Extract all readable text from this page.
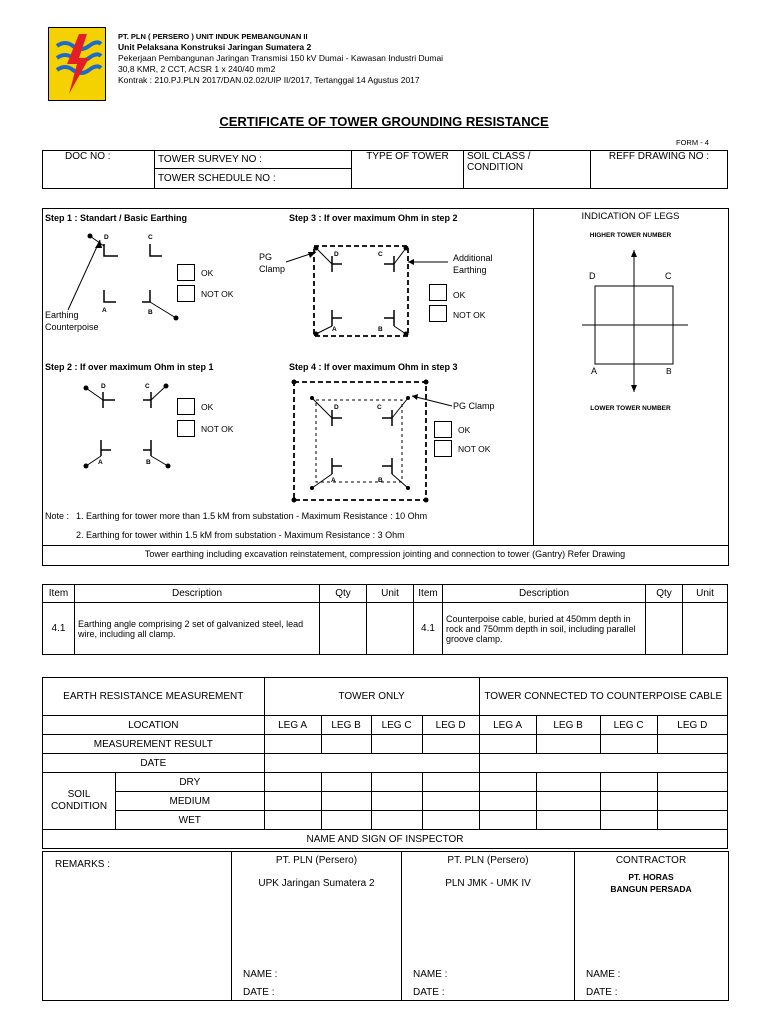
PT. PLN ( PERSERO ) UNIT INDUK PEMBANGUNAN II
Unit Pelaksana Konstruksi Jaringan Sumatera 2
Pekerjaan Pembangunan Jaringan Transmisi 150 kV Dumai - Kawasan Industri Dumai
30,8 KMR, 2 CCT, ACSR 1 x 240/40 mm2
Kontrak : 210.PJ.PLN 2017/DAN.02.02/UIP II/2017, Tertanggal 14 Agustus 2017
CERTIFICATE OF TOWER GROUNDING RESISTANCE
FORM - 4
DOC NO :	TOWER SURVEY NO :	TYPE OF TOWER	SOIL CLASS / CONDITION	REFF DRAWING NO :
TOWER SCHEDULE NO :
Step 1 : Standart / Basic Earthing	Step 3 : If over maximum Ohm in step 2
Step 2 : If over maximum Ohm in step 1	Step 4 : If over maximum Ohm in step 3
D	C
A	B
Earthing
Counterpoise
D	C
A	B
D	C
A	B
PG
Clamp
Additional
Earthing
D	C
A	B
PG Clamp
OK
NOT OK
OK
NOT OK
OK
NOT OK
OK
NOT OK
INDICATION OF LEGS
HIGHER TOWER NUMBER
LOWER TOWER NUMBER
D	C
A	B
Note : 1. Earthing for tower more than 1.5 kM from substation - Maximum Resistance : 10 Ohm
2. Earthing for tower within 1.5 kM from substation - Maximum Resistance : 3 Ohm
Tower earthing including excavation reinstatement, compression jointing and connection to tower (Gantry) Refer Drawing
Item	Description	Qty	Unit	Item	Description	Qty	Unit
4.1	Earthing angle comprising 2 set of galvanized steel, lead wire, including all clamp.			4.1	Counterpoise cable, buried at 450mm depth in rock and 750mm depth in soil, including parallel groove clamp.		
EARTH RESISTANCE MEASUREMENT		TOWER ONLY				TOWER CONNECTED TO COUNTERPOISE CABLE			
LOCATION		LEG A	LEG B	LEG C	LEG D	LEG A	LEG B	LEG C	LEG D
MEASUREMENT RESULT									
DATE									

SOIL
CONDITION	DRY								
	MEDIUM								
	WET								
NAME AND SIGN OF INSPECTOR									
REMARKS :	PT. PLN (Persero)
UPK Jaringan Sumatera 2
PT. PLN (Persero)
PLN JMK - UMK IV
CONTRACTOR
PT. HORAS
BANGUN PERSADA
NAME :
DATE :
NAME :
DATE :
NAME :
DATE :
